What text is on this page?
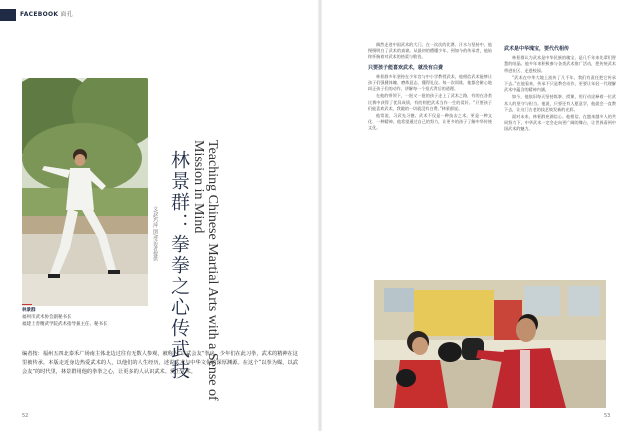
FACEBOOK 面孔
林景群：拳拳之心传武技	Teaching Chinese Martial Arts with a Sense of Mission in Mind
文/赵巧萍 图/受访者提供
林景群
福州市武术协会副秘书长
福建上善精武学院武术指导兼主任、秘书长
编者按：福州五四北泰禾广场南主体北边过往有无数人参观，被称为“以武会友”拳房。少年们在此习拳，武术的精神在这里被传承。本版走近身边热爱武术的人，以他们的人生经历，述说武术与中华文化的深厚渊源。在这个“以拳为媒，以武会友”的时代里，林景群用他的拳拳之心，让更多的人认识武术、爱上武术。
52

偶然走进中国武术的大门，在一次次的比赛、汗水与坚持中，他慢慢明白了武术的真谛。从最初的懵懂少年，到如今的传承者，他始终怀揣着对武术的热爱与敬畏。

只要孩子能喜欢武术，就没有白费

林景群多年坚持在少年宫与中小学教授武术，他相信武术能够让孩子们强健体魄、磨炼意志、懂得礼仪。每一次训练，他都会耐心地纠正孩子们的动作，讲解每一个招式背后的道理。

在他的带领下，一批又一批的孩子走上了武术之路，有的在各类比赛中获得了优异成绩，有的则把武术当作一生的爱好。“只要孩子们能喜欢武术，我做的一切就没有白费。”林景群说。

他常说，习武先习德。武术不仅是一种技击之术，更是一种文化、一种精神。他希望通过自己的努力，让更多的孩子了解中华传统文化。

武术是中华瑰宝，要代代相传

林景群认为武术是中华民族的瑰宝，是几千年来先辈们智慧的结晶。他多年来积极参与各类武术推广活动，把传统武术带进社区、走进校园。

“武术在中华大地上流传了几千年，我们有责任把它传承下去。”在他看来，传承不只是教会动作，更要让年轻一代理解武术中蕴含的精神内涵。

如今，他依旧每天坚持练拳、授课，用行动诠释着一位武术人的坚守与担当。他说，只要还有人愿意学，他就会一直教下去，让这门古老的技艺焕发新的光彩。

面对未来，林景群充满信心。他相信，在越来越多人的共同努力下，中华武术一定会走向更广阔的舞台，让世界看到中国武术的魅力。

53
